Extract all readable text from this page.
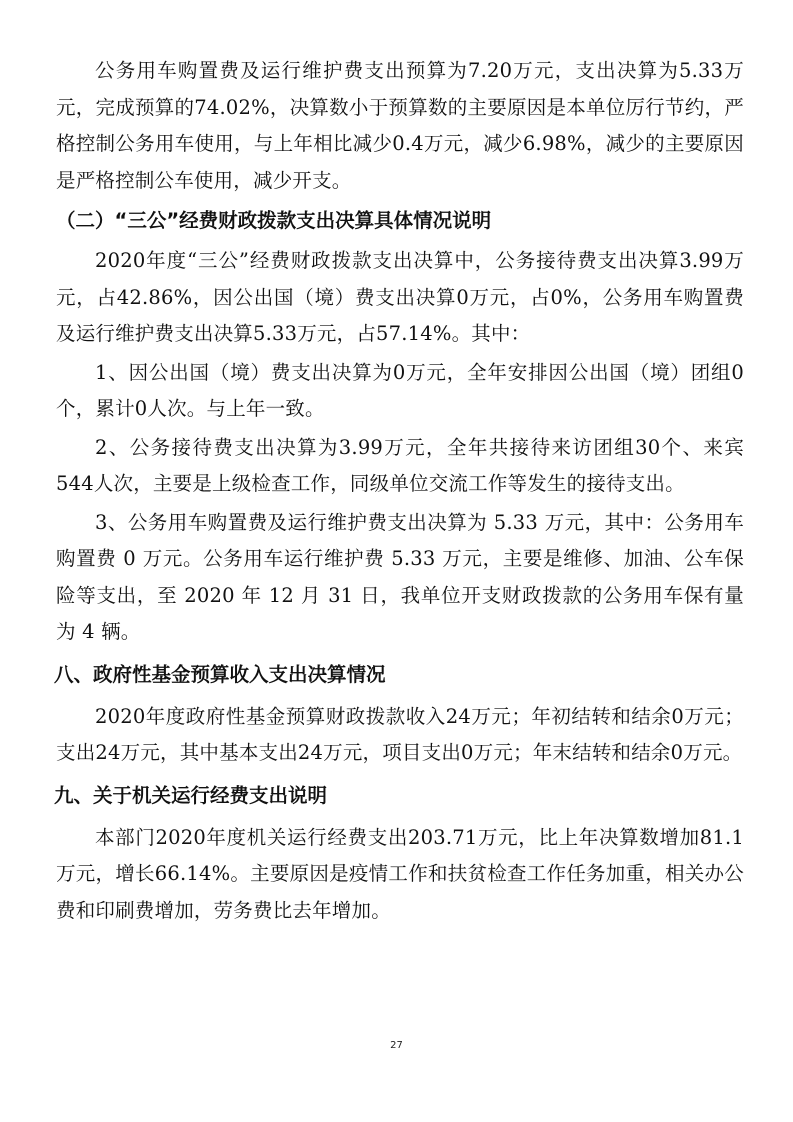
公务用车购置费及运行维护费支出预算为7.20万元，支出决算为5.33万元，完成预算的74.02%，决算数小于预算数的主要原因是本单位厉行节约，严格控制公务用车使用，与上年相比减少0.4万元，减少6.98%，减少的主要原因是严格控制公车使用，减少开支。

（二）“三公”经费财政拨款支出决算具体情况说明

2020年度“三公”经费财政拨款支出决算中，公务接待费支出决算3.99万元，占42.86%，因公出国（境）费支出决算0万元，占0%，公务用车购置费及运行维护费支出决算5.33万元，占57.14%。其中：

1、因公出国（境）费支出决算为0万元，全年安排因公出国（境）团组0个，累计0人次。与上年一致。

2、公务接待费支出决算为3.99万元，全年共接待来访团组30个、来宾544人次，主要是上级检查工作，同级单位交流工作等发生的接待支出。

3、公务用车购置费及运行维护费支出决算为 5.33 万元，其中：公务用车购置费 0 万元。公务用车运行维护费 5.33 万元，主要是维修、加油、公车保险等支出，至 2020 年 12 月 31 日，我单位开支财政拨款的公务用车保有量为 4 辆。

八、政府性基金预算收入支出决算情况

2020年度政府性基金预算财政拨款收入24万元；年初结转和结余0万元；支出24万元，其中基本支出24万元，项目支出0万元；年末结转和结余0万元。

九、关于机关运行经费支出说明

本部门2020年度机关运行经费支出203.71万元，比上年决算数增加81.1万元，增长66.14%。主要原因是疫情工作和扶贫检查工作任务加重，相关办公费和印刷费增加，劳务费比去年增加。

27
